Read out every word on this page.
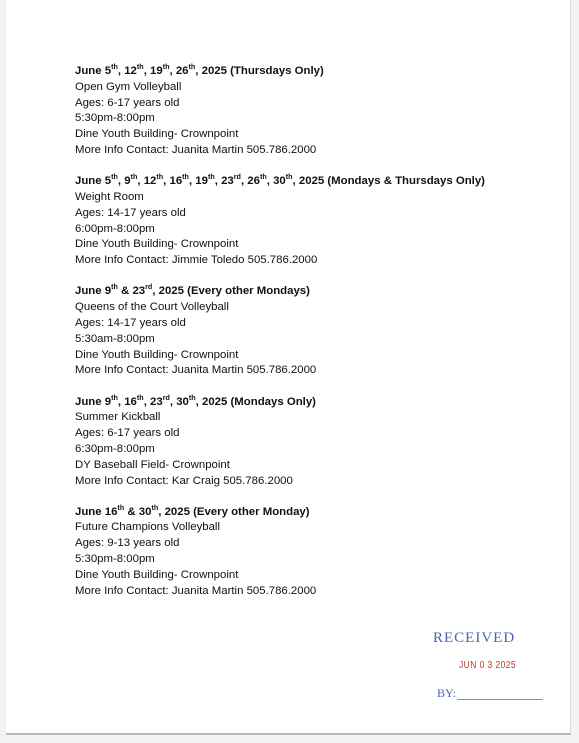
June 5th, 12th, 19th, 26th, 2025 (Thursdays Only)
Open Gym Volleyball
Ages: 6-17 years old
5:30pm-8:00pm
Dine Youth Building- Crownpoint
More Info Contact: Juanita Martin 505.786.2000
June 5th, 9th, 12th, 16th, 19th, 23rd, 26th, 30th, 2025 (Mondays & Thursdays Only)
Weight Room
Ages: 14-17 years old
6:00pm-8:00pm
Dine Youth Building- Crownpoint
More Info Contact: Jimmie Toledo 505.786.2000
June 9th & 23rd, 2025 (Every other Mondays)
Queens of the Court Volleyball
Ages: 14-17 years old
5:30am-8:00pm
Dine Youth Building- Crownpoint
More Info Contact: Juanita Martin 505.786.2000
June 9th, 16th, 23rd, 30th, 2025 (Mondays Only)
Summer Kickball
Ages: 6-17 years old
6:30pm-8:00pm
DY Baseball Field- Crownpoint
More Info Contact: Kar Craig 505.786.2000
June 16th & 30th, 2025 (Every other Monday)
Future Champions Volleyball
Ages: 9-13 years old
5:30pm-8:00pm
Dine Youth Building- Crownpoint
More Info Contact: Juanita Martin 505.786.2000
RECEIVED
JUN 0 3 2025
BY:
